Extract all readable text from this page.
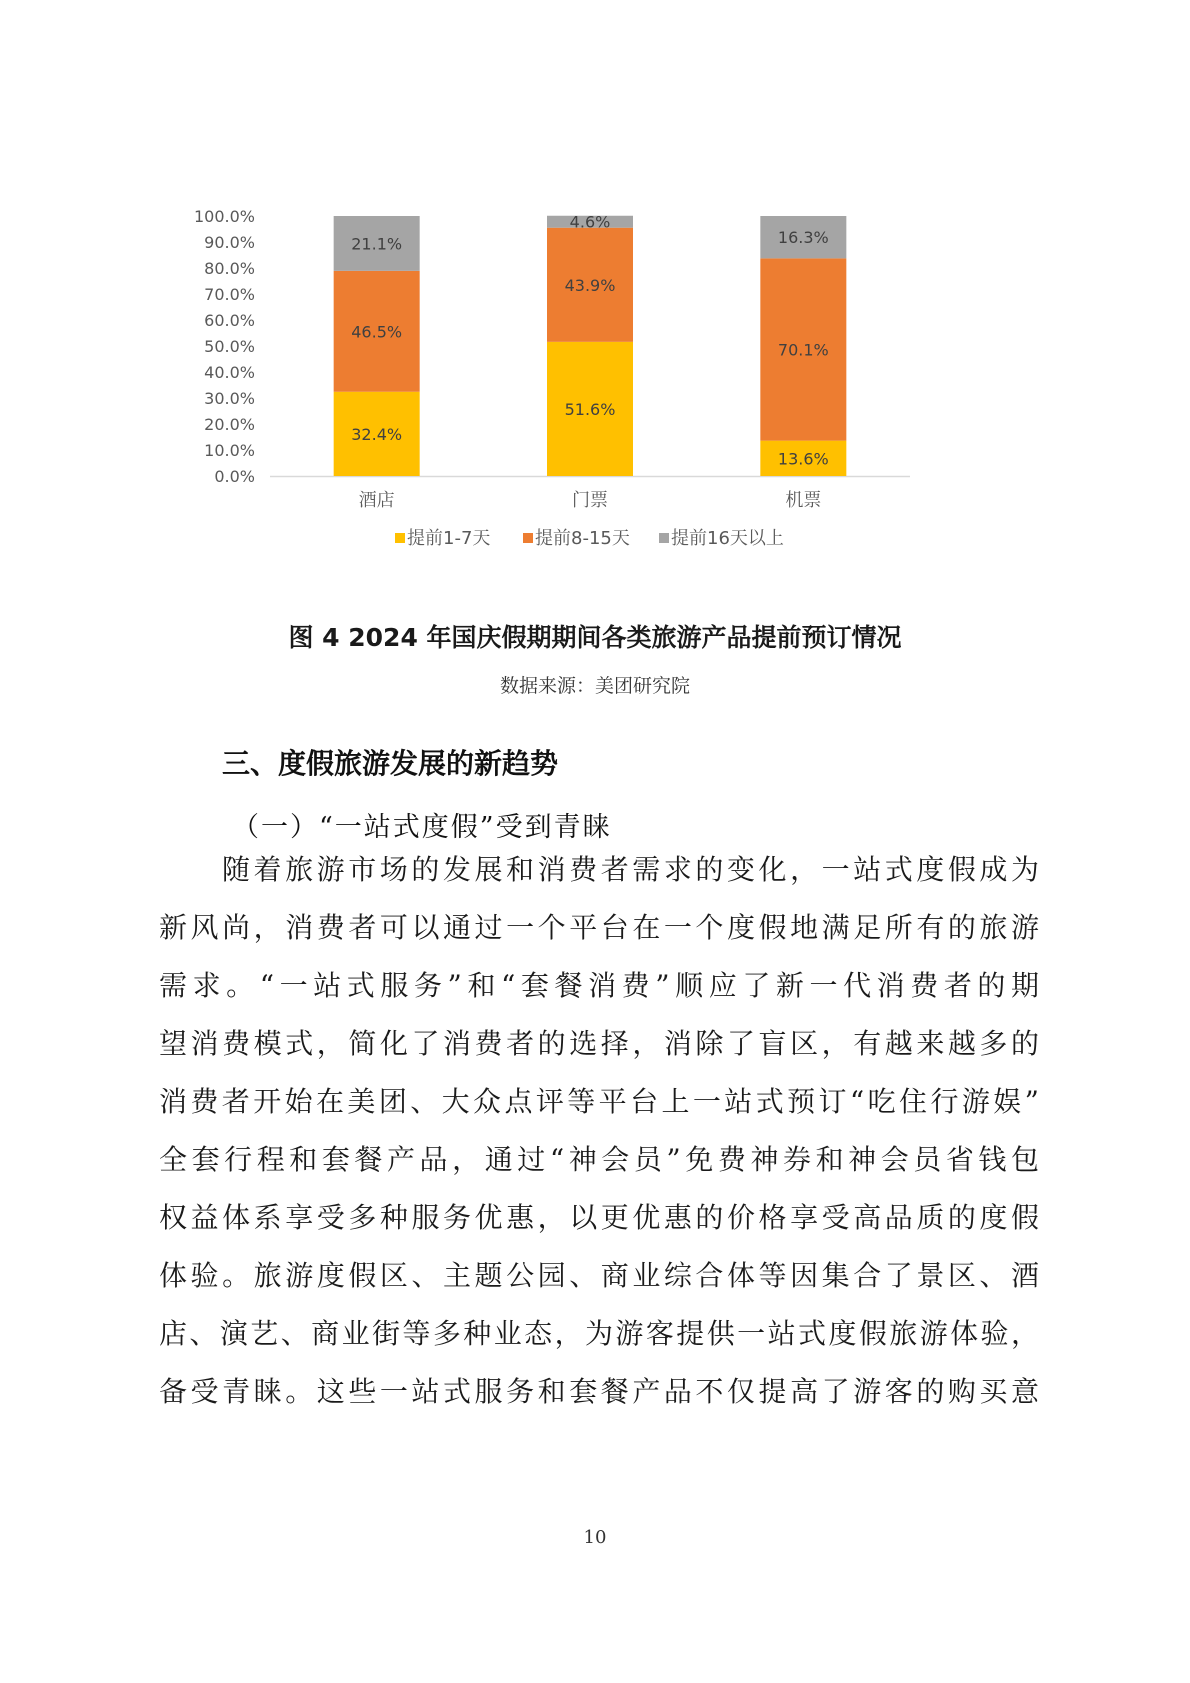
0.0%
10.0%
20.0%
30.0%
40.0%
50.0%
60.0%
70.0%
80.0%
90.0%
100.0%
32.4%
46.5%
21.1%
酒店
51.6%
43.9%
4.6%
门票
13.6%
70.1%
16.3%
机票
提前1-7天 提前8-15天 提前16天以上
图 4 2024 年国庆假期期间各类旅游产品提前预订情况
数据来源：美团研究院
三、度假旅游发展的新趋势
（一）“一站式度假”受到青睐
随着旅游市场的发展和消费者需求的变化，一站式度假成为
新风尚，消费者可以通过一个平台在一个度假地满足所有的旅游
需求。“一站式服务”和“套餐消费”顺应了新一代消费者的期
望消费模式，简化了消费者的选择，消除了盲区，有越来越多的
消费者开始在美团、大众点评等平台上一站式预订“吃住行游娱”
全套行程和套餐产品，通过“神会员”免费神券和神会员省钱包
权益体系享受多种服务优惠，以更优惠的价格享受高品质的度假
体验。旅游度假区、主题公园、商业综合体等因集合了景区、酒
店、演艺、商业街等多种业态，为游客提供一站式度假旅游体验，
备受青睐。这些一站式服务和套餐产品不仅提高了游客的购买意
10
